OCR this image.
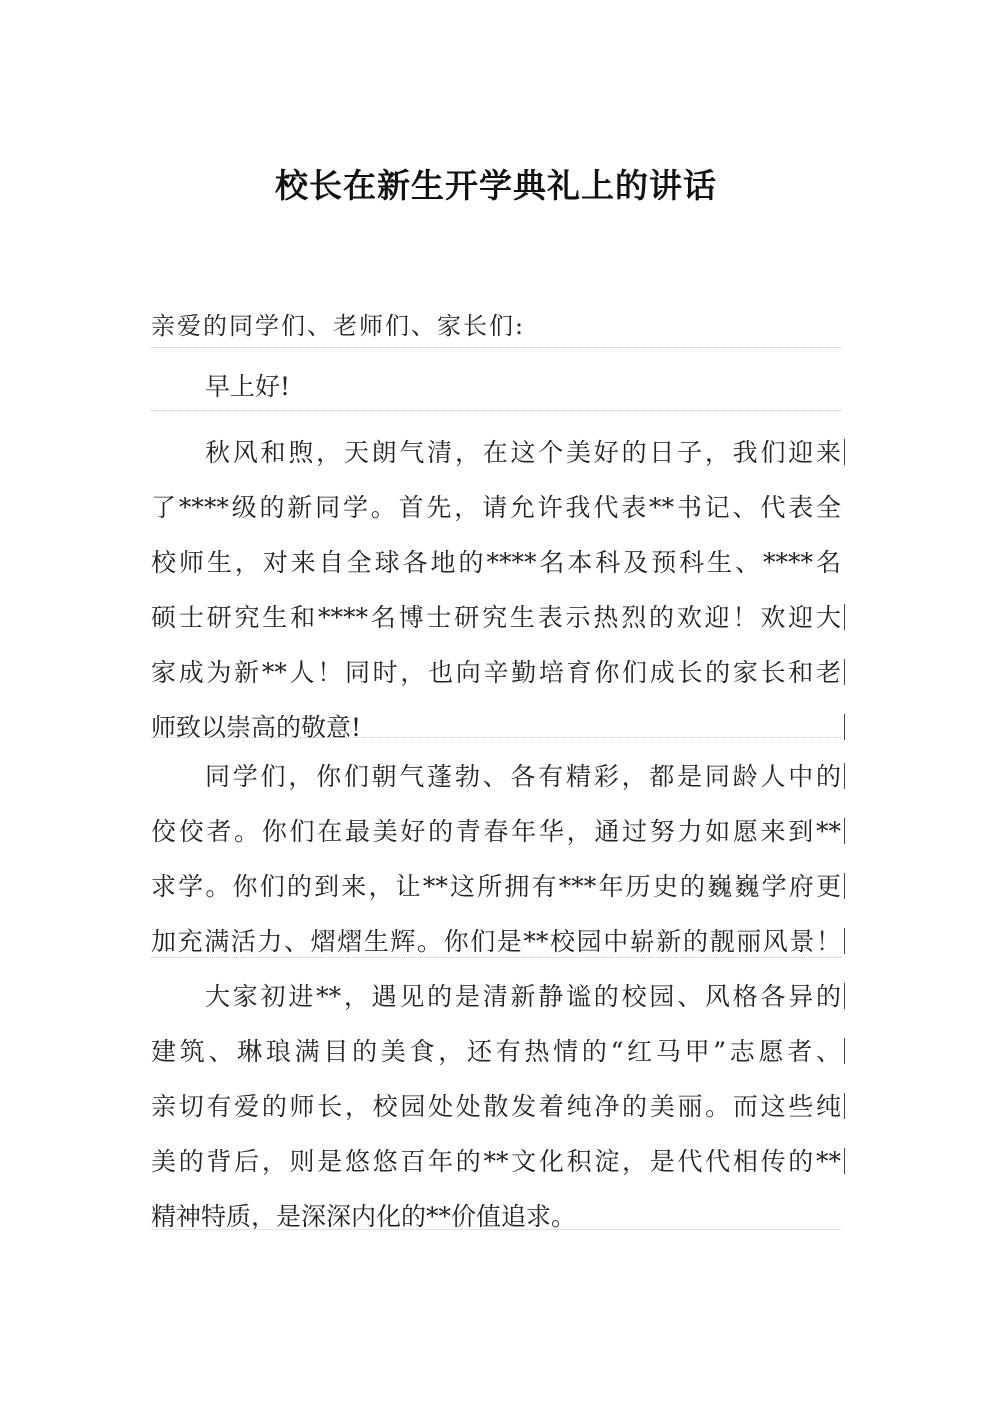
校长在新生开学典礼上的讲话
亲爱的同学们、老师们、家长们:
早上好!
秋风和煦，天朗气清，在这个美好的日子，我们迎来
了****级的新同学。首先，请允许我代表**书记、代表全
校师生，对来自全球各地的****名本科及预科生、****名
硕士研究生和****名博士研究生表示热烈的欢迎！欢迎大
家成为新**人！同时，也向辛勤培育你们成长的家长和老
师致以崇高的敬意!
同学们，你们朝气蓬勃、各有精彩，都是同龄人中的
佼佼者。你们在最美好的青春年华，通过努力如愿来到**
求学。你们的到来，让**这所拥有***年历史的巍巍学府更
加充满活力、熠熠生辉。你们是**校园中崭新的靓丽风景！
大家初进**，遇见的是清新静谧的校园、风格各异的
建筑、琳琅满目的美食，还有热情的“红马甲”志愿者、
亲切有爱的师长，校园处处散发着纯净的美丽。而这些纯
美的背后，则是悠悠百年的**文化积淀，是代代相传的**
精神特质，是深深内化的**价值追求。
